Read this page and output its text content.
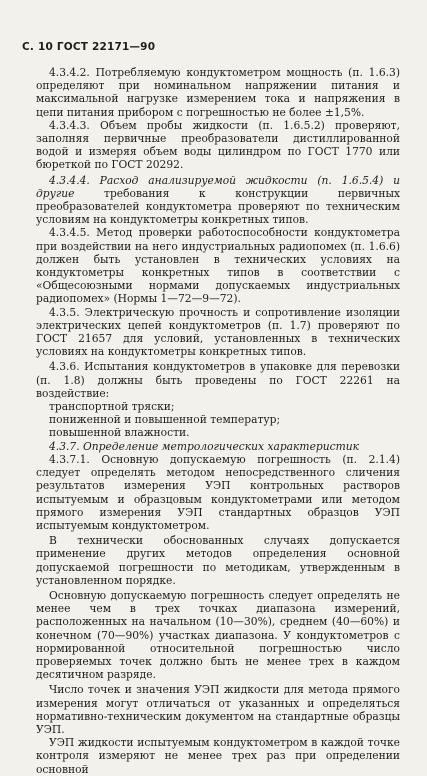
С. 10 ГОСТ 22171—90

4.3.4.2. Потребляемую кондуктометром мощность (п. 1.6.3) определяют при номинальном напряжении питания и максимальной нагрузке измерением тока и напряжения в цепи питания прибором с погрешностью не более ±1,5%.

4.3.4.3. Объем пробы жидкости (п. 1.6.5.2) проверяют, заполняя первичные преобразователи дистиллированной водой и измеряя объем воды цилиндром по ГОСТ 1770 или бюреткой по ГОСТ 20292.

4.3.4.4. Расход анализируемой жидкости (п. 1.6.5.4) и другие	требования к конструкции первичных преобразователей кондуктометра проверяют по техническим условиям на кондуктометры конкретных типов.

4.3.4.5. Метод проверки работоспособности кондуктометра при воздействии на него индустриальных радиопомех (п. 1.6.6) должен быть установлен в технических условиях на кондуктометры конкретных типов в соответствии с «Общесоюзными нормами допускаемых индустриальных радиопомех» (Нормы 1—72—9—72).

4.3.5. Электрическую прочность и сопротивление изоляции электрических цепей кондуктометров (п. 1.7) проверяют по ГОСТ 21657 для условий, установленных в технических условиях на кондуктометры конкретных типов.

4.3.6. Испытания кондуктометров в упаковке для перевозки (п. 1.8) должны быть проведены по ГОСТ 22261 на воздействие:

транспортной тряски;

пониженной и повышенной температур;

повышенной влажности.

4.3.7. Определение метрологических характеристик

4.3.7.1. Основную допускаемую погрешность (п. 2.1.4) следует определять методом непосредственного сличения результатов измерения УЭП контрольных растворов испытуемым и образцовым кондуктометрами или методом прямого измерения УЭП стандартных образцов УЭП испытуемым кондуктометром.

В технически обоснованных случаях допускается применение других методов определения основной допускаемой погрешности по методикам, утвержденным в установленном порядке.

Основную допускаемую погрешность следует определять не менее чем в трех точках диапазона измерений, расположенных на начальном (10—30%), среднем (40—60%) и конечном (70—90%) участках диапазона. У кондуктометров с нормированной относительной погрешностью число проверяемых точек должно быть не менее трех в каждом десятичном разряде.

Число точек и значения УЭП жидкости для метода прямого измерения могут отличаться от указанных и определяться нормативно-техническим документом на стандартные образцы УЭП.

УЭП жидкости испытуемым кондуктометром в каждой точке контроля измеряют не менее трех раз при определении основной
